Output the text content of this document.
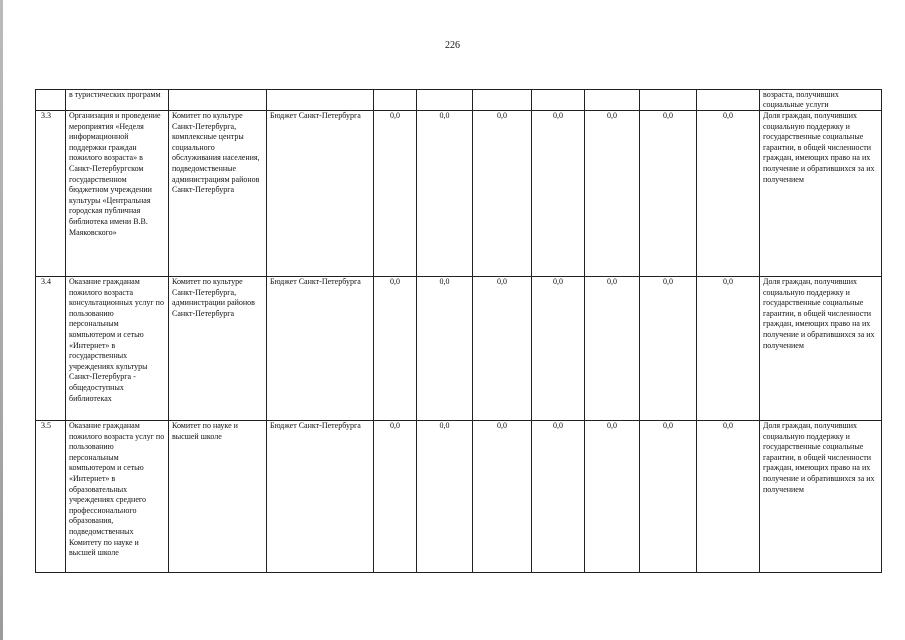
226
	в туристических программ										возраста, получивших социальные услуги
3.3	Организация и проведение мероприятия «Неделя информационной поддержки граждан пожилого возраста» в Санкт-Петербургском государственном бюджетном учреждении культуры «Центральная городская публичная библиотека имени В.В. Маяковского»	Комитет по культуре Санкт-Петербурга, комплексные центры социального обслуживания населения, подведомственные администрациям районов Санкт-Петербурга	Бюджет Санкт-Петербурга	0,0	0,0	0,0	0,0	0,0	0,0	0,0	Доля граждан, получивших социальную поддержку и государственные социальные гарантии, в общей численности граждан, имеющих право на их получение и обратившихся за их получением
3.4	Оказание гражданам пожилого возраста консультационных услуг по пользованию персональным компьютером и сетью «Интернет» в государственных учреждениях культуры Санкт-Петербурга - общедоступных библиотеках	Комитет по культуре Санкт-Петербурга, администрации районов Санкт-Петербурга	Бюджет Санкт-Петербурга	0,0	0,0	0,0	0,0	0,0	0,0	0,0	Доля граждан, получивших социальную поддержку и государственные социальные гарантии, в общей численности граждан, имеющих право на их получение и обратившихся за их получением
3.5	Оказание гражданам пожилого возраста услуг по пользованию персональным компьютером и сетью «Интернет» в образовательных учреждениях среднего профессионального образования, подведомственных Комитету по науке и высшей школе	Комитет по науке и высшей школе	Бюджет Санкт-Петербурга	0,0	0,0	0,0	0,0	0,0	0,0	0,0	Доля граждан, получивших социальную поддержку и государственные социальные гарантии, в общей численности граждан, имеющих право на их получение и обратившихся за их получением
